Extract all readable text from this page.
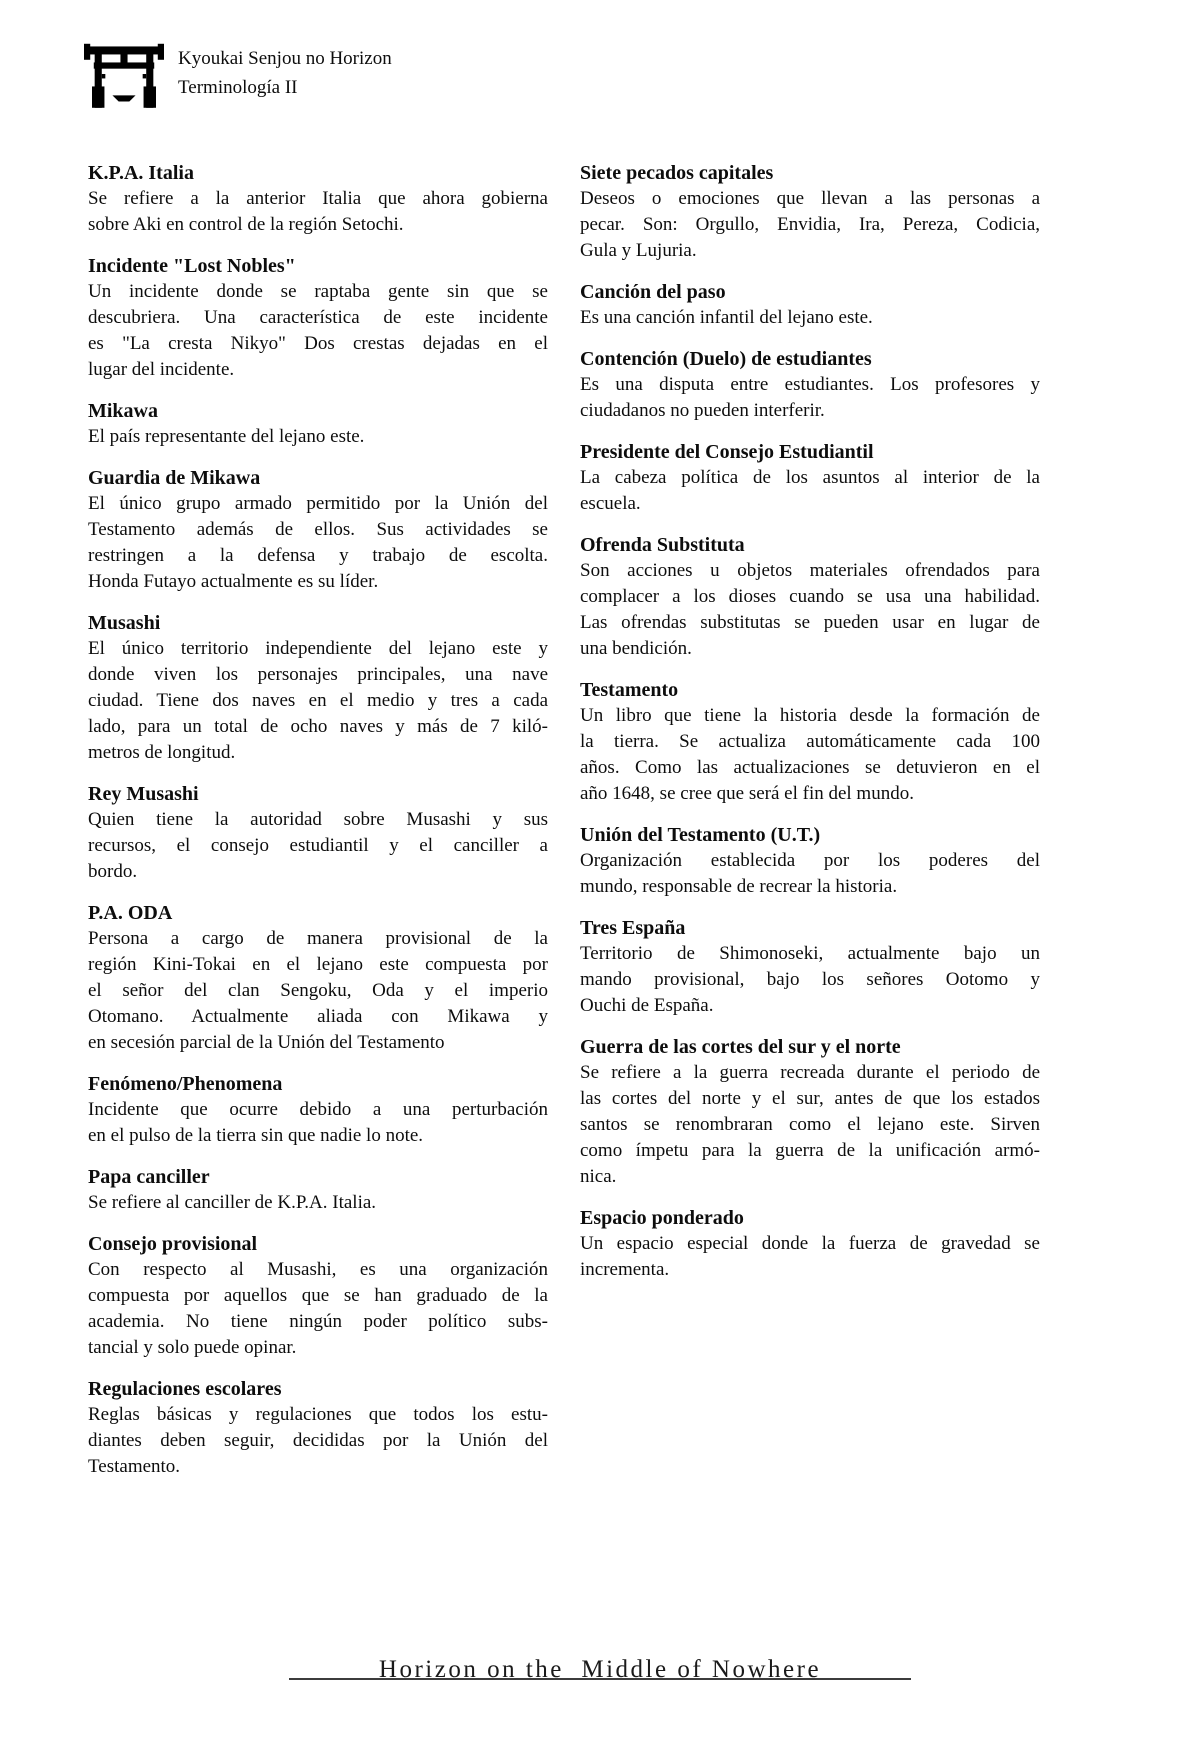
Kyoukai Senjou no Horizon
Terminología II
K.P.A. Italia
Se refiere a la anterior Italia que ahora gobierna
sobre Aki en control de la región Setochi.
Incidente "Lost Nobles"
Un incidente donde se raptaba gente sin que se
descubriera. Una característica de este incidente
es "La cresta Nikyo" Dos crestas dejadas en el
lugar del incidente.
Mikawa
El país representante del lejano este.
Guardia de Mikawa
El único grupo armado permitido por la Unión del
Testamento además de ellos. Sus actividades se
restringen a la defensa y trabajo de escolta.
Honda Futayo actualmente es su líder.
Musashi
El único territorio independiente del lejano este y
donde viven los personajes principales, una nave
ciudad. Tiene dos naves en el medio y tres a cada
lado, para un total de ocho naves y más de 7 kiló-
metros de longitud.
Rey Musashi
Quien tiene la autoridad sobre Musashi y sus
recursos, el consejo estudiantil y el canciller a
bordo.
P.A. ODA
Persona a cargo de manera provisional de la
región Kini-Tokai en el lejano este compuesta por
el señor del clan Sengoku, Oda y el imperio
Otomano. Actualmente aliada con Mikawa y
en secesión parcial de la Unión del Testamento
Fenómeno/Phenomena
Incidente que ocurre debido a una perturbación
en el pulso de la tierra sin que nadie lo note.
Papa canciller
Se refiere al canciller de K.P.A. Italia.
Consejo provisional
Con respecto al Musashi, es una organización
compuesta por aquellos que se han graduado de la
academia. No tiene ningún poder político subs-
tancial y solo puede opinar.
Regulaciones escolares
Reglas básicas y regulaciones que todos los estu-
diantes deben seguir, decididas por la Unión del
Testamento.
Siete pecados capitales
Deseos o emociones que llevan a las personas a
pecar. Son: Orgullo, Envidia, Ira, Pereza, Codicia,
Gula y Lujuria.
Canción del paso
Es una canción infantil del lejano este.
Contención (Duelo) de estudiantes
Es una disputa entre estudiantes. Los profesores y
ciudadanos no pueden interferir.
Presidente del Consejo Estudiantil
La cabeza política de los asuntos al interior de la
escuela.
Ofrenda Substituta
Son acciones u objetos materiales ofrendados para
complacer a los dioses cuando se usa una habilidad.
Las ofrendas substitutas se pueden usar en lugar de
una bendición.
Testamento
Un libro que tiene la historia desde la formación de
la tierra. Se actualiza automáticamente cada 100
años. Como las actualizaciones se detuvieron en el
año 1648, se cree que será el fin del mundo.
Unión del Testamento (U.T.)
Organización establecida por los poderes del
mundo, responsable de recrear la historia.
Tres España
Territorio de Shimonoseki, actualmente bajo un
mando provisional, bajo los señores Ootomo y
Ouchi de España.
Guerra de las cortes del sur y el norte
Se refiere a la guerra recreada durante el periodo de
las cortes del norte y el sur, antes de que los estados
santos se renombraran como el lejano este. Sirven
como ímpetu para la guerra de la unificación armó-
nica.
Espacio ponderado
Un espacio especial donde la fuerza de gravedad se
incrementa.
Horizon on the  Middle of Nowhere
